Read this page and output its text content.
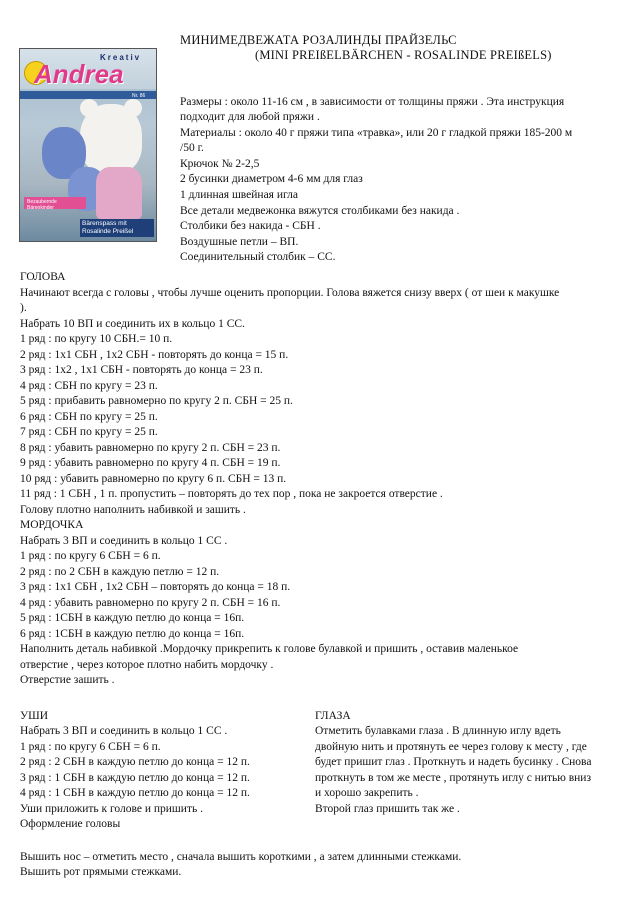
МИНИМЕДВЕЖАТА РОЗАЛИНДЫ ПРАЙЗЕЛЬС
(MINI PREIßELBÄRCHEN - ROSALINDE PREIßELS)
Kreativ
Andrea
Bezaubernde Bärenkinder
Nr. 86
Bärenspass mit Rosalinde Preißel
Размеры : около 11-16 см , в зависимости от толщины пряжи . Эта инструкция
подходит для любой пряжи .
Материалы : около 40 г пряжи типа «травка», или 20 г гладкой пряжи 185-200 м
/50 г.
Крючок № 2-2,5
2 бусинки диаметром 4-6 мм для глаз
1 длинная швейная игла
Все детали медвежонка вяжутся столбиками без накида .
Столбики без накида - СБН .
Воздушные петли – ВП.
Соединительный столбик – СС.
ГОЛОВА
Начинают всегда с головы , чтобы лучше оценить пропорции. Голова вяжется снизу вверх ( от шеи к макушке
).
Набрать 10 ВП и соединить их в кольцо 1 СС.
1 ряд : по кругу 10 СБН.= 10 п.
2 ряд : 1х1 СБН , 1х2 СБН - повторять до конца = 15 п.
3 ряд : 1х2 , 1х1 СБН - повторять до конца = 23 п.
4 ряд : СБН по кругу = 23 п.
5 ряд : прибавить равномерно по кругу 2 п. СБН = 25 п.
6 ряд : СБН по кругу = 25 п.
7 ряд : СБН по кругу = 25 п.
8 ряд : убавить равномерно по кругу 2 п. СБН = 23 п.
9 ряд : убавить равномерно по кругу 4 п. СБН = 19 п.
10 ряд : убавить равномерно по кругу 6 п. СБН = 13 п.
11 ряд : 1 СБН , 1 п. пропустить – повторять до тех пор , пока не закроется отверстие .
Голову плотно наполнить набивкой и зашить .
МОРДОЧКА
Набрать 3 ВП и соединить в кольцо 1 СС .
1 ряд : по кругу 6 СБН = 6 п.
2 ряд : по 2 СБН в каждую петлю = 12 п.
3 ряд : 1х1 СБН , 1х2 СБН – повторять до конца = 18 п.
4 ряд : убавить равномерно по кругу 2 п. СБН = 16 п.
5 ряд : 1СБН в каждую петлю до конца = 16п.
6 ряд : 1СБН в каждую петлю до конца = 16п.
Наполнить деталь набивкой .Мордочку прикрепить к голове булавкой и пришить , оставив маленькое
отверстие , через которое плотно набить мордочку .
Отверстие зашить .
УШИ
Набрать 3 ВП и соединить в кольцо 1 СС .
1 ряд : по кругу 6 СБН = 6 п.
2 ряд : 2 СБН в каждую петлю до конца = 12 п.
3 ряд : 1 СБН в каждую петлю до конца = 12 п.
4 ряд : 1 СБН в каждую петлю до конца = 12 п.
Уши приложить к голове и пришить .
Оформление головы
ГЛАЗА
Отметить булавками глаза . В длинную иглу вдеть
двойную нить и протянуть ее через голову к месту , где
будет пришит глаз . Проткнуть и надеть бусинку . Снова
проткнуть в том же месте , протянуть иглу с нитью вниз
и хорошо закрепить .
Второй глаз пришить так же .
Вышить нос – отметить место , сначала вышить короткими , а затем длинными стежками.
Вышить рот прямыми стежками.
